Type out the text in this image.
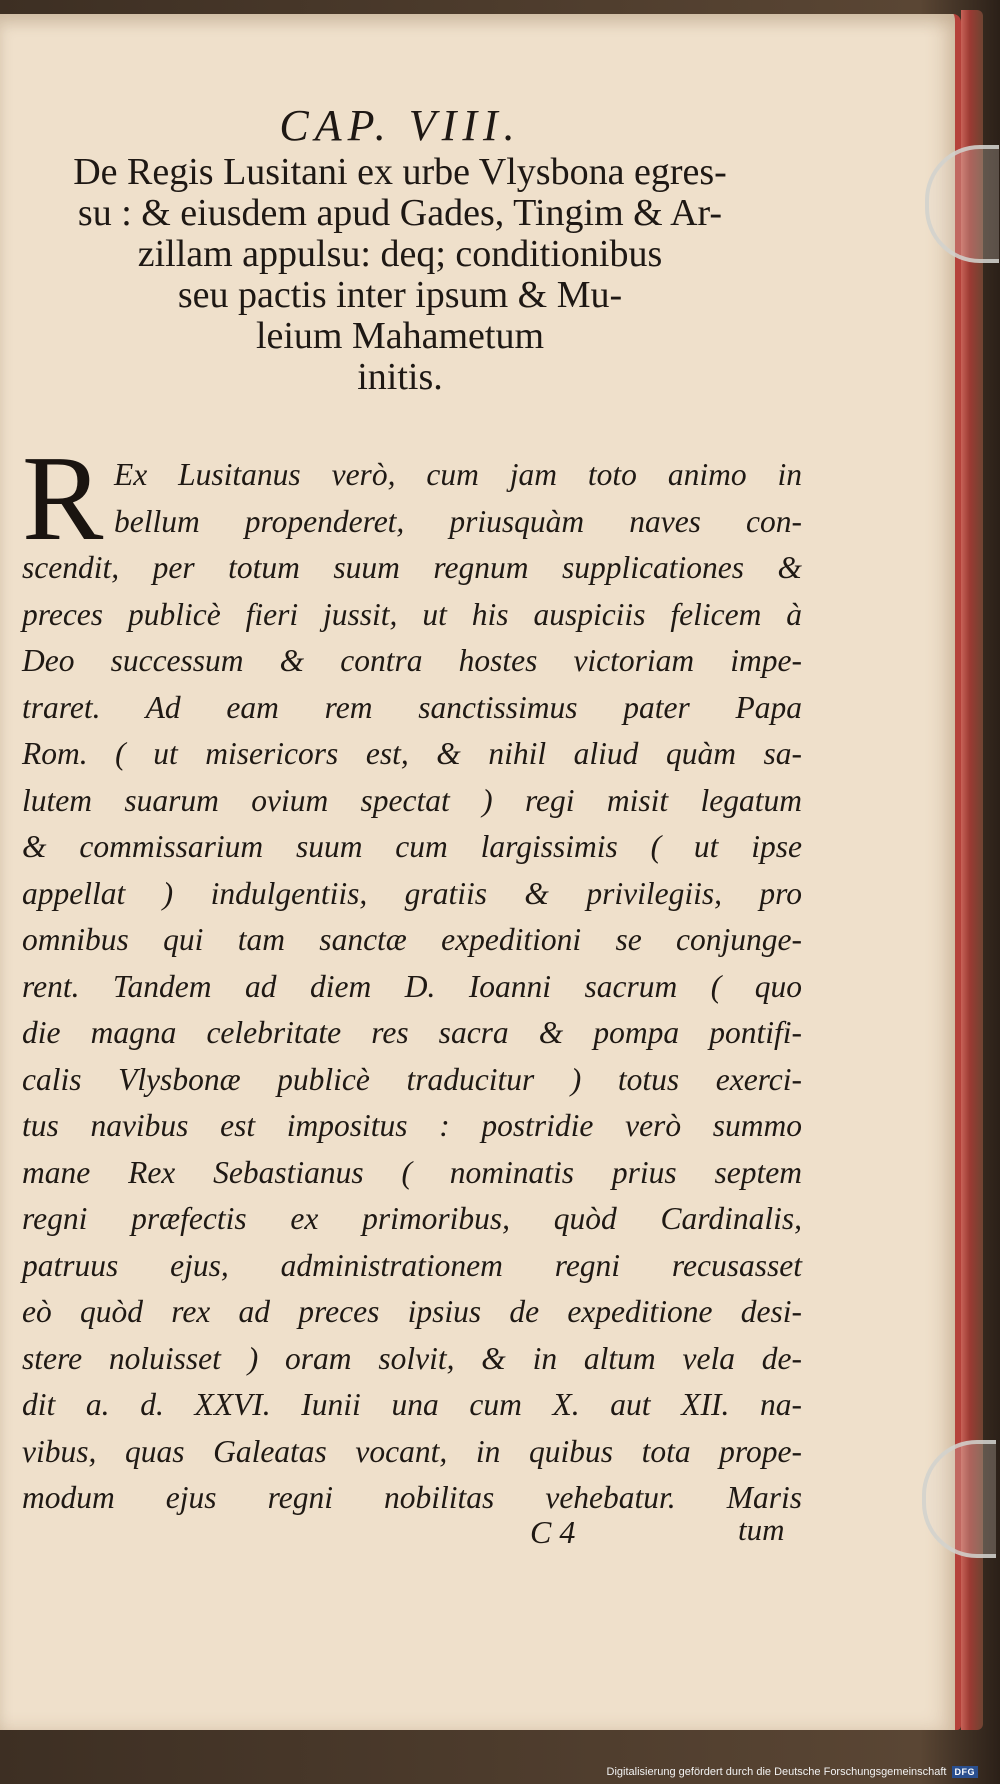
CAP. VIII.
De Regis Lusitani ex urbe Vlysbona egres-
su : & eiusdem apud Gades, Tingim & Ar-
zillam appulsu: deq; conditionibus
seu pactis inter ipsum & Mu-
leium Mahametum
initis.
R Ex Lusitanus verò, cum jam toto animo in
bellum propenderet, priusquàm naves con-
scendit, per totum suum regnum supplicationes &
preces publicè fieri jussit, ut his auspiciis felicem à
Deo successum & contra hostes victoriam impe-
traret. Ad eam rem sanctissimus pater Papa
Rom. ( ut misericors est, & nihil aliud quàm sa-
lutem suarum ovium spectat ) regi misit legatum
& commissarium suum cum largissimis ( ut ipse
appellat ) indulgentiis, gratiis & privilegiis, pro
omnibus qui tam sanctæ expeditioni se conjunge-
rent. Tandem ad diem D. Ioanni sacrum ( quo
die magna celebritate res sacra & pompa pontifi-
calis Vlysbonæ publicè traducitur ) totus exerci-
tus navibus est impositus : postridie verò summo
mane Rex Sebastianus ( nominatis prius septem
regni præfectis ex primoribus, quòd Cardinalis,
patruus ejus, administrationem regni recusasset
eò quòd rex ad preces ipsius de expeditione desi-
stere noluisset ) oram solvit, & in altum vela de-
dit a. d. XXVI. Iunii una cum X. aut XII. na-
vibus, quas Galeatas vocant, in quibus tota prope-
modum ejus regni nobilitas vehebatur. Maris
C 4	tum
Digitalisierung gefördert durch die Deutsche Forschungsgemeinschaft DFG
